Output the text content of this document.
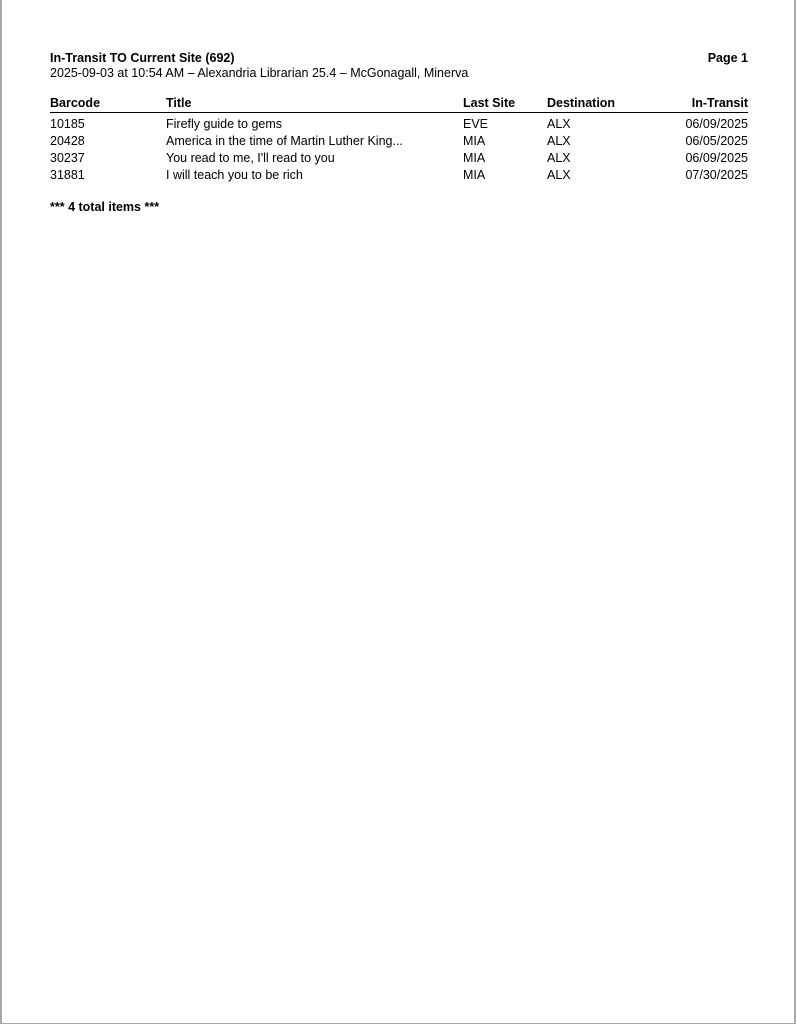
In-Transit TO Current Site (692)	Page 1
2025-09-03 at 10:54 AM – Alexandria Librarian 25.4 – McGonagall, Minerva
Barcode	Title	Last Site	Destination	In-Transit
10185	Firefly guide to gems	EVE	ALX	06/09/2025
20428	America in the time of Martin Luther King...	MIA	ALX	06/05/2025
30237	You read to me, I'll read to you	MIA	ALX	06/09/2025
31881	I will teach you to be rich	MIA	ALX	07/30/2025
*** 4 total items ***
